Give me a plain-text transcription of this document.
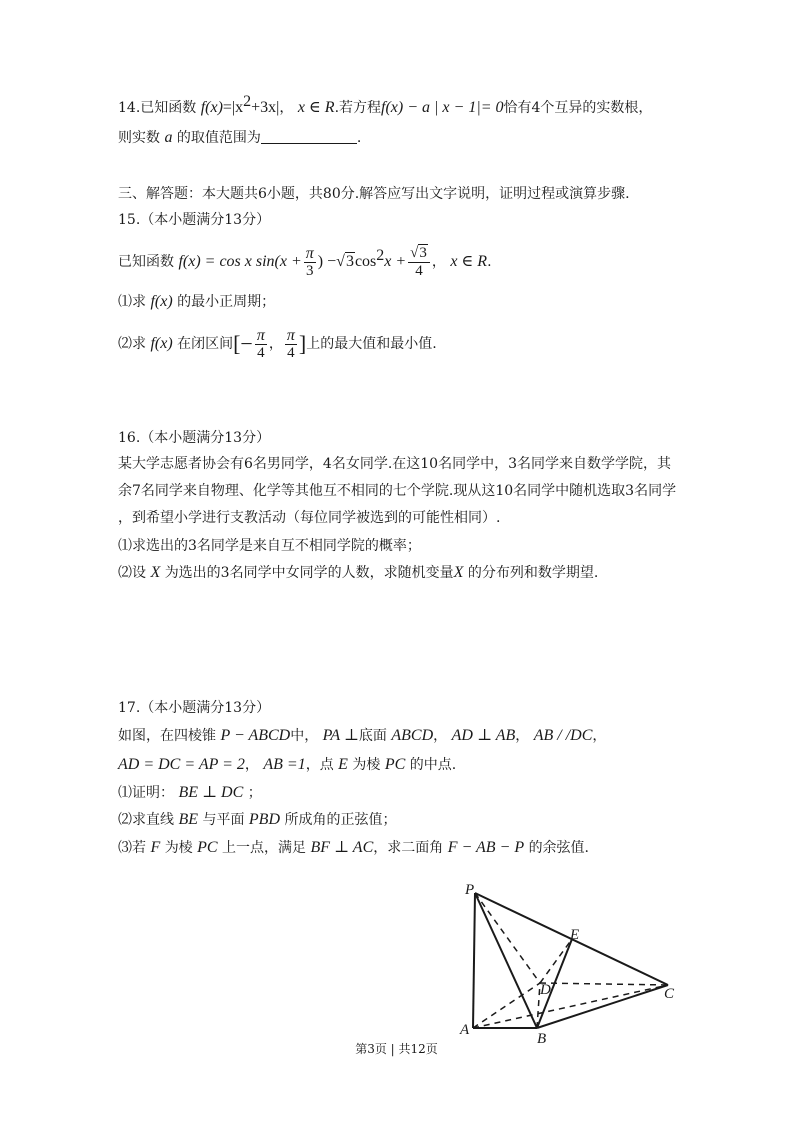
14.已知函数 $f(x)=|x^2+3x|$， x ∈ R.若方程f(x) − a | x − 1|= 0恰有4个互异的实数根，
则实数 a 的取值范围为	.
三、解答题：本大题共6小题，共80分.解答应写出文字说明，证明过程或演算步骤.
15.（本小题满分13分）
已知函数 f(x) = cos x $\sin(x + \frac{\pi}{3}$ ) $-√3\cos^2x + \frac{√3}{4}$ ， x ∈ R.
⑴求 f(x) 的最小正周期；
⑵求 f(x) 在闭区间[− $\frac{\pi}{4}$ ， $\frac{\pi}{4}$ ]上的最大值和最小值.
16.（本小题满分13分）
某大学志愿者协会有6名男同学，4名女同学.在这10名同学中，3名同学来自数学学院，其
余7名同学来自物理、化学等其他互不相同的七个学院.现从这10名同学中随机选取3名同学
，到希望小学进行支教活动（每位同学被选到的可能性相同）.
⑴求选出的3名同学是来自互不相同学院的概率；
⑵设 X 为选出的3名同学中女同学的人数，求随机变量X 的分布列和数学期望.
17.（本小题满分13分）
如图，在四棱锥 P − ABCD中， PA ⊥底面 ABCD， AD ⊥ AB， AB / /DC，
AD = DC = AP = 2， AB =1，点 E 为棱 PC 的中点.
⑴证明： BE ⊥ DC ；
⑵求直线 BE 与平面 PBD 所成角的正弦值；
⑶若 F 为棱 PC 上一点，满足 BF ⊥ AC，求二面角 F − AB − P 的余弦值.
P
E
D	C
A
B
第3页 | 共12页
